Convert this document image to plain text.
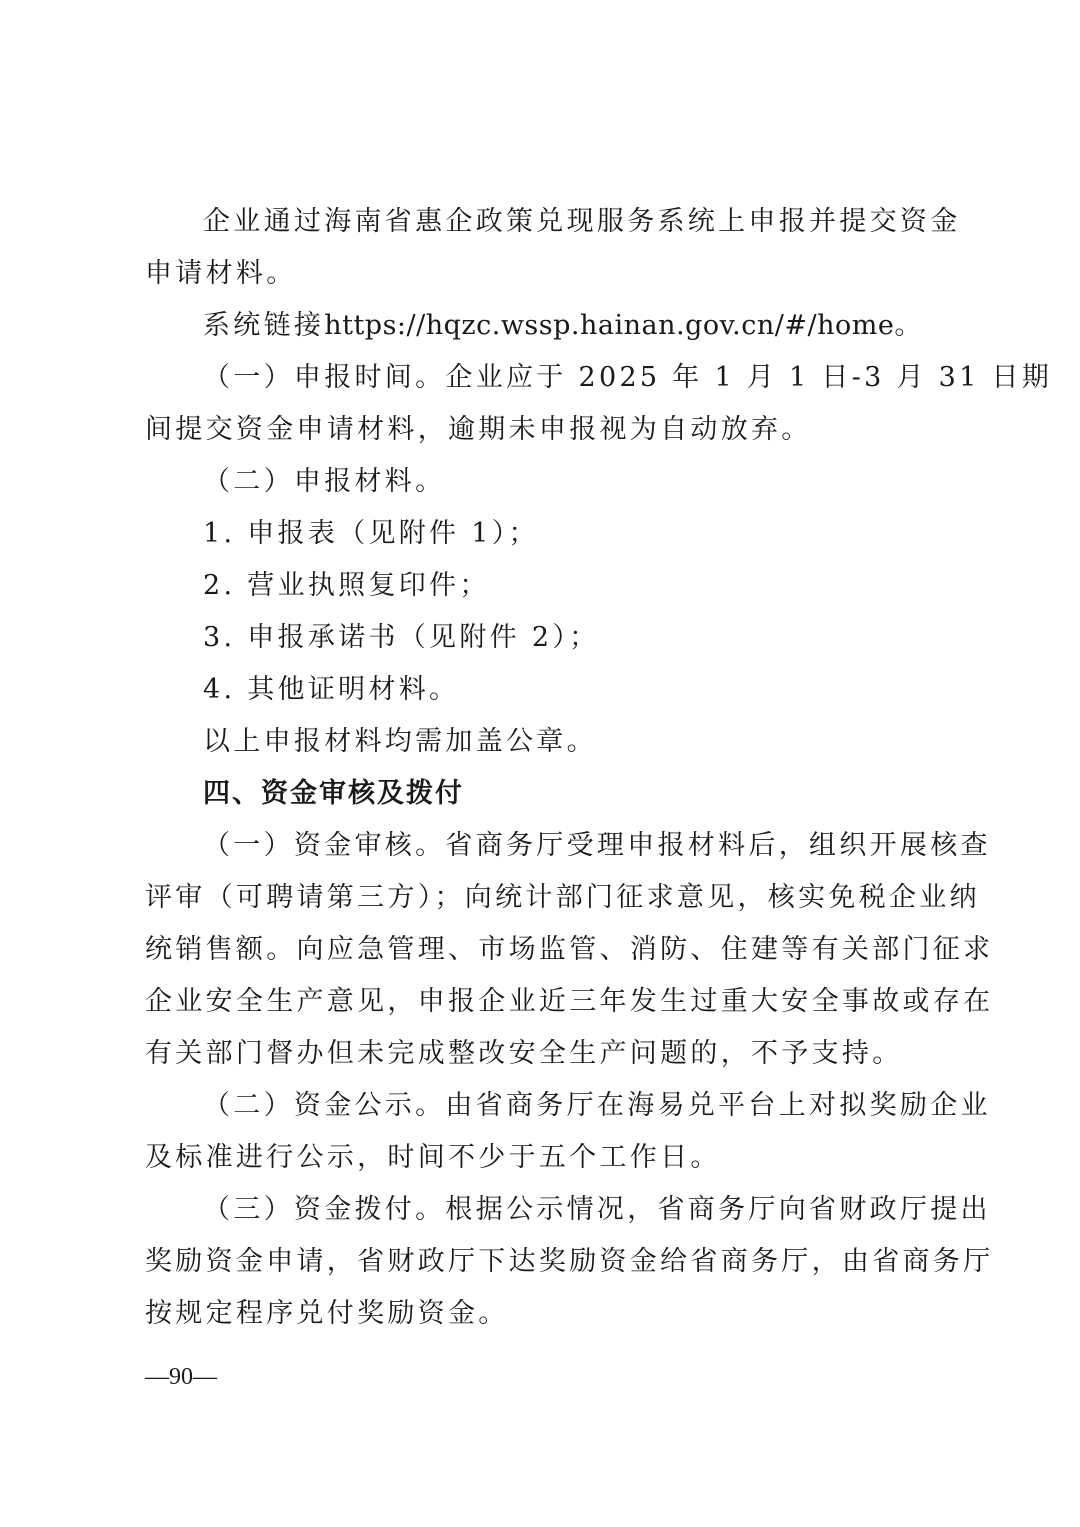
企业通过海南省惠企政策兑现服务系统上申报并提交资金

申请材料。

系统链接https://hqzc.wssp.hainan.gov.cn/#/home。

（一）申报时间。企业应于 2025 年 1 月 1 日-3 月 31 日期

间提交资金申请材料，逾期未申报视为自动放弃。

（二）申报材料。

1. 申报表（见附件 1）；

2. 营业执照复印件；

3. 申报承诺书（见附件 2）；

4. 其他证明材料。

以上申报材料均需加盖公章。

四、资金审核及拨付

（一）资金审核。省商务厅受理申报材料后，组织开展核查

评审（可聘请第三方）；向统计部门征求意见，核实免税企业纳

统销售额。向应急管理、市场监管、消防、住建等有关部门征求

企业安全生产意见，申报企业近三年发生过重大安全事故或存在

有关部门督办但未完成整改安全生产问题的，不予支持。

（二）资金公示。由省商务厅在海易兑平台上对拟奖励企业

及标准进行公示，时间不少于五个工作日。

（三）资金拨付。根据公示情况，省商务厅向省财政厅提出

奖励资金申请，省财政厅下达奖励资金给省商务厅，由省商务厅

按规定程序兑付奖励资金。

—90—
